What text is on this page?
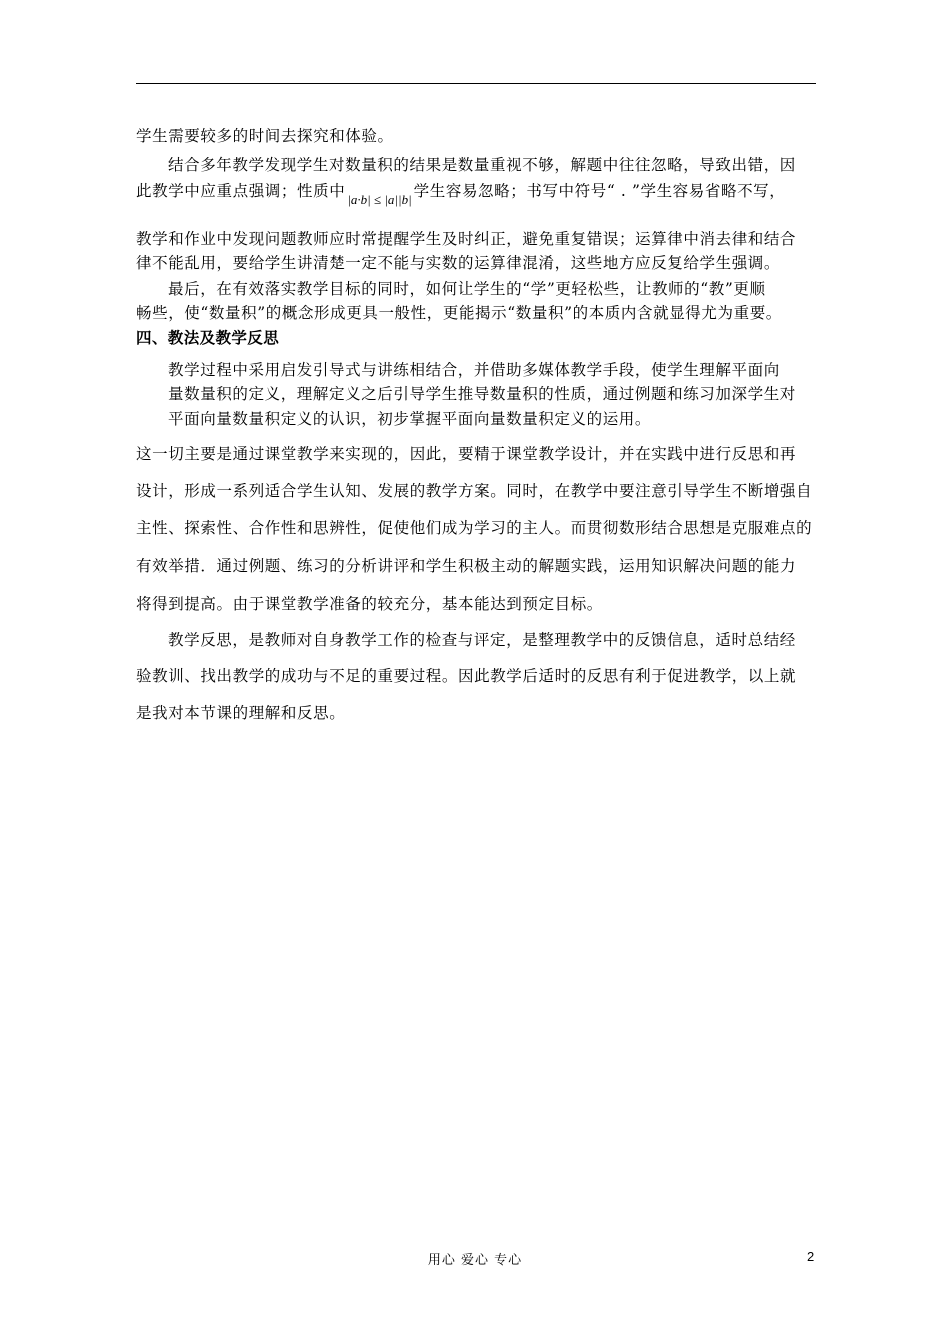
学生需要较多的时间去探究和体验。
结合多年教学发现学生对数量积的结果是数量重视不够，解题中往往忽略，导致出错，因
此教学中应重点强调；性质中 |a·b| ≤ |a||b| 学生容易忽略；书写中符号“ . ”学生容易省略不写，
教学和作业中发现问题教师应时常提醒学生及时纠正，避免重复错误；运算律中消去律和结合
律不能乱用，要给学生讲清楚一定不能与实数的运算律混淆，这些地方应反复给学生强调。
最后，在有效落实教学目标的同时，如何让学生的“学”更轻松些，让教师的“教”更顺
畅些，使“数量积”的概念形成更具一般性，更能揭示“数量积”的本质内含就显得尤为重要。
四、教法及教学反思
教学过程中采用启发引导式与讲练相结合，并借助多媒体教学手段，使学生理解平面向
量数量积的定义，理解定义之后引导学生推导数量积的性质，通过例题和练习加深学生对
平面向量数量积定义的认识，初步掌握平面向量数量积定义的运用。
这一切主要是通过课堂教学来实现的，因此，要精于课堂教学设计，并在实践中进行反思和再
设计，形成一系列适合学生认知、发展的教学方案。同时，在教学中要注意引导学生不断增强自
主性、探索性、合作性和思辨性，促使他们成为学习的主人。而贯彻数形结合思想是克服难点的
有效举措．通过例题、练习的分析讲评和学生积极主动的解题实践，运用知识解决问题的能力
将得到提高。由于课堂教学准备的较充分，基本能达到预定目标。
教学反思，是教师对自身教学工作的检查与评定，是整理教学中的反馈信息，适时总结经
验教训、找出教学的成功与不足的重要过程。因此教学后适时的反思有利于促进教学，以上就
是我对本节课的理解和反思。
用心 爱心 专心	2
